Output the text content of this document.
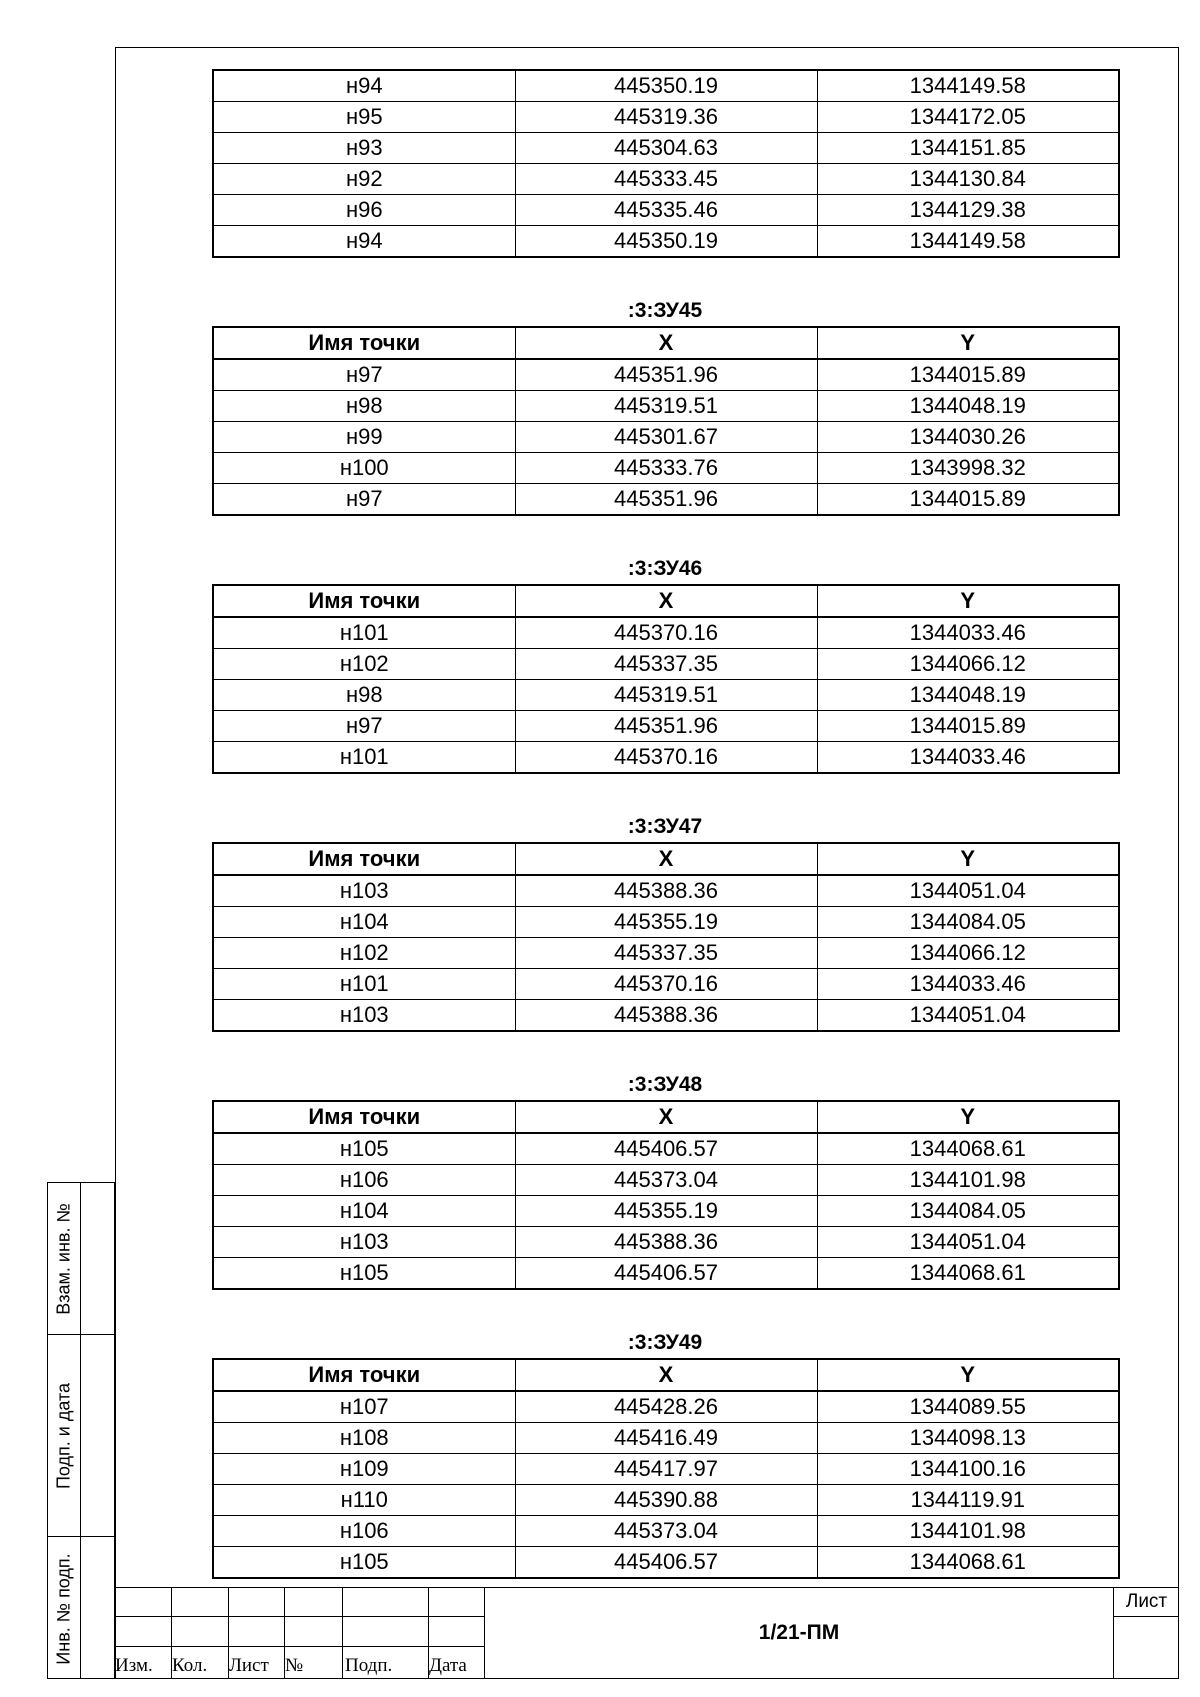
Взам. инв. №
Подп. и дата
Инв. № подп.
н94	445350.19	1344149.58
н95	445319.36	1344172.05
н93	445304.63	1344151.85
н92	445333.45	1344130.84
н96	445335.46	1344129.38
н94	445350.19	1344149.58
:3:ЗУ45
Имя точки	X	Y
н97	445351.96	1344015.89
н98	445319.51	1344048.19
н99	445301.67	1344030.26
н100	445333.76	1343998.32
н97	445351.96	1344015.89
:3:ЗУ46
Имя точки	X	Y
н101	445370.16	1344033.46
н102	445337.35	1344066.12
н98	445319.51	1344048.19
н97	445351.96	1344015.89
н101	445370.16	1344033.46
:3:ЗУ47
Имя точки	X	Y
н103	445388.36	1344051.04
н104	445355.19	1344084.05
н102	445337.35	1344066.12
н101	445370.16	1344033.46
н103	445388.36	1344051.04
:3:ЗУ48
Имя точки	X	Y
н105	445406.57	1344068.61
н106	445373.04	1344101.98
н104	445355.19	1344084.05
н103	445388.36	1344051.04
н105	445406.57	1344068.61
:3:ЗУ49
Имя точки	X	Y
н107	445428.26	1344089.55
н108	445416.49	1344098.13
н109	445417.97	1344100.16
н110	445390.88	1344119.91
н106	445373.04	1344101.98
н105	445406.57	1344068.61
Изм. Кол. Лист № Подп. Дата
1/21-ПМ
Лист
